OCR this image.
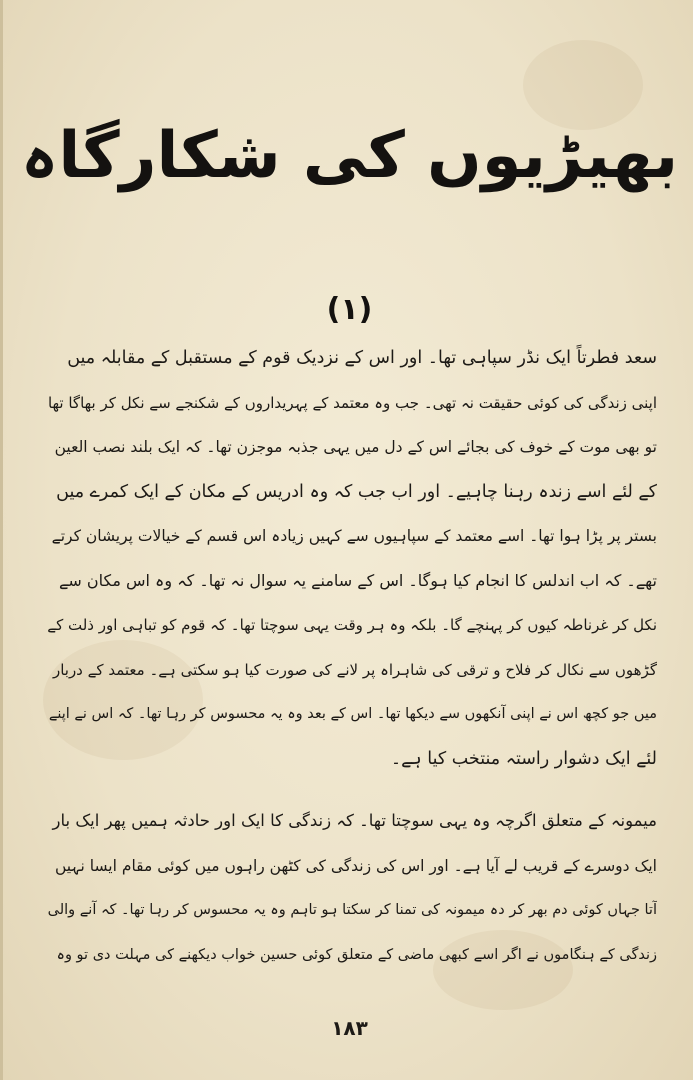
بھیڑیوں کی شکارگاہ
(۱)
سعد فطرتاً ایک نڈر سپاہی تھا۔ اور اس کے نزدیک قوم کے مستقبل کے مقابلہ میں
اپنی زندگی کی کوئی حقیقت نہ تھی۔ جب وہ معتمد کے پہریداروں کے شکنجے سے نکل کر بھاگا تھا
تو بھی موت کے خوف کی بجائے اس کے دل میں یہی جذبہ موجزن تھا۔ کہ ایک بلند نصب العین
کے لئے اسے زندہ رہنا چاہیے۔ اور اب جب کہ وہ ادریس کے مکان کے ایک کمرے میں
بستر پر پڑا ہوا تھا۔ اسے معتمد کے سپاہیوں سے کہیں زیادہ اس قسم کے خیالات پریشان کرتے
تھے۔ کہ اب اندلس کا انجام کیا ہوگا۔ اس کے سامنے یہ سوال نہ تھا۔ کہ وہ اس مکان سے
نکل کر غرناطہ کیوں کر پہنچے گا۔ بلکہ وہ ہر وقت یہی سوچتا تھا۔ کہ قوم کو تباہی اور ذلت کے
گڑھوں سے نکال کر فلاح و ترقی کی شاہراہ پر لانے کی صورت کیا ہو سکتی ہے۔ معتمد کے دربار
میں جو کچھ اس نے اپنی آنکھوں سے دیکھا تھا۔ اس کے بعد وہ یہ محسوس کر رہا تھا۔ کہ اس نے اپنے
لئے ایک دشوار راستہ منتخب کیا ہے۔
میمونہ کے متعلق اگرچہ وہ یہی سوچتا تھا۔ کہ زندگی کا ایک اور حادثہ ہمیں پھر ایک بار
ایک دوسرے کے قریب لے آیا ہے۔ اور اس کی زندگی کی کٹھن راہوں میں کوئی مقام ایسا نہیں
آتا جہاں کوئی دم بھر کر دہ میمونہ کی تمنا کر سکتا ہو تاہم وہ یہ محسوس کر رہا تھا۔ کہ آنے والی
زندگی کے ہنگاموں نے اگر اسے کبھی ماضی کے متعلق کوئی حسین خواب دیکھنے کی مہلت دی تو وہ
۱۸۳
